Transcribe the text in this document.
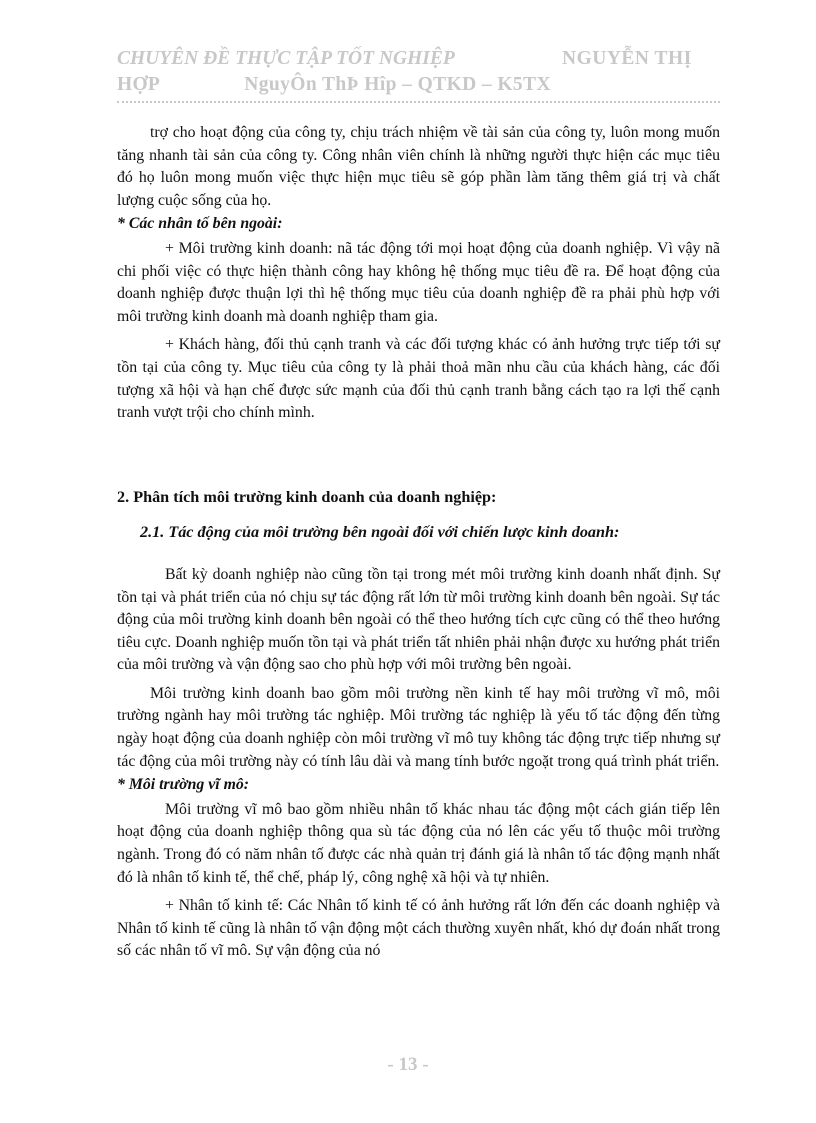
CHUYÊN ĐỀ THỰC TẬP TỐT NGHIỆP	NGUYỄN THỊ
HỢP	NguyÔn ThÞ Hîp – QTKD – K5TX

trợ cho hoạt động của công ty, chịu trách nhiệm về tài sản của công ty, luôn mong muốn tăng nhanh tài sản của công ty. Công nhân viên chính là những người thực hiện các mục tiêu đó họ luôn mong muốn việc thực hiện mục tiêu sẽ góp phần làm tăng thêm giá trị và chất lượng cuộc sống của họ.

* Các nhân tố bên ngoài:

+ Môi trường kinh doanh: nã tác động tới mọi hoạt động của doanh nghiệp. Vì vậy nã chi phối việc có thực hiện thành công hay không hệ thống mục tiêu đề ra. Để hoạt động của doanh nghiệp được thuận lợi thì hệ thống mục tiêu của doanh nghiệp đề ra phải phù hợp với môi trường kinh doanh mà doanh nghiệp tham gia.

+ Khách hàng, đối thủ cạnh tranh và các đối tượng khác có ảnh hưởng trực tiếp tới sự tồn tại của công ty. Mục tiêu của công ty là phải thoả mãn nhu cầu của khách hàng, các đối tượng xã hội và hạn chế được sức mạnh của đối thủ cạnh tranh bằng cách tạo ra lợi thế cạnh tranh vượt trội cho chính mình.

2. Phân tích môi trường kinh doanh của doanh nghiệp:
2.1. Tác động của môi trường bên ngoài đối với chiến lược kinh doanh:

Bất kỳ doanh nghiệp nào cũng tồn tại trong mét môi trường kinh doanh nhất định. Sự tồn tại và phát triển của nó chịu sự tác động rất lớn từ môi trường kinh doanh bên ngoài. Sự tác động của môi trường kinh doanh bên ngoài có thể theo hướng tích cực cũng có thể theo hướng tiêu cực. Doanh nghiệp muốn tồn tại và phát triển tất nhiên phải nhận được xu hướng phát triển của môi trường và vận động sao cho phù hợp với môi trường bên ngoài.

Môi trường kinh doanh bao gồm môi trường nền kinh tế hay môi trường vĩ mô, môi trường ngành hay môi trường tác nghiệp. Môi trường tác nghiệp là yếu tố tác động đến từng ngày hoạt động của doanh nghiệp còn môi trường vĩ mô tuy không tác động trực tiếp nhưng sự tác động của môi trường này có tính lâu dài và mang tính bước ngoặt trong quá trình phát triển.

* Môi trường vĩ mô:

Môi trường vĩ mô bao gồm nhiều nhân tố khác nhau tác động một cách gián tiếp lên hoạt động của doanh nghiệp thông qua sù tác động của nó lên các yếu tố thuộc môi trường ngành. Trong đó có năm nhân tố được các nhà quản trị đánh giá là nhân tố tác động mạnh nhất đó là nhân tố kinh tế, thể chế, pháp lý, công nghệ xã hội và tự nhiên.

+ Nhân tố kinh tế: Các Nhân tố kinh tế có ảnh hưởng rất lớn đến các doanh nghiệp và Nhân tố kinh tế cũng là nhân tố vận động một cách thường xuyên nhất, khó dự đoán nhất trong số các nhân tố vĩ mô. Sự vận động của nó

- 13 -
